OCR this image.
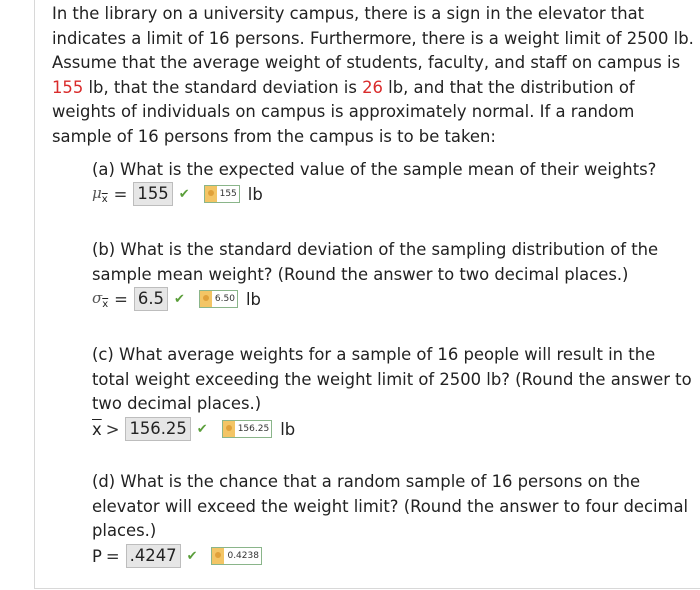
In the library on a university campus, there is a sign in the elevator that indicates a limit of 16 persons. Furthermore, there is a weight limit of 2500 lb. Assume that the average weight of students, faculty, and staff on campus is 155 lb, that the standard deviation is 26 lb, and that the distribution of weights of individuals on campus is approximately normal. If a random sample of 16 persons from the campus is to be taken:
(a) What is the expected value of the sample mean of their weights?
$\mu_{\overline{x}} = 155$ ✔	155 lb
(b) What is the standard deviation of the sampling distribution of the sample mean weight? (Round the answer to two decimal places.)
$\sigma_{\overline{x}} = 6.5$ ✔	6.50 lb
(c) What average weights for a sample of 16 people will result in the total weight exceeding the weight limit of 2500 lb? (Round the answer to two decimal places.)
$\overline{x} > 156.25$ ✔	156.25 lb
(d) What is the chance that a random sample of 16 persons on the elevator will exceed the weight limit? (Round the answer to four decimal places.)
P = .4247 ✔	0.4238
